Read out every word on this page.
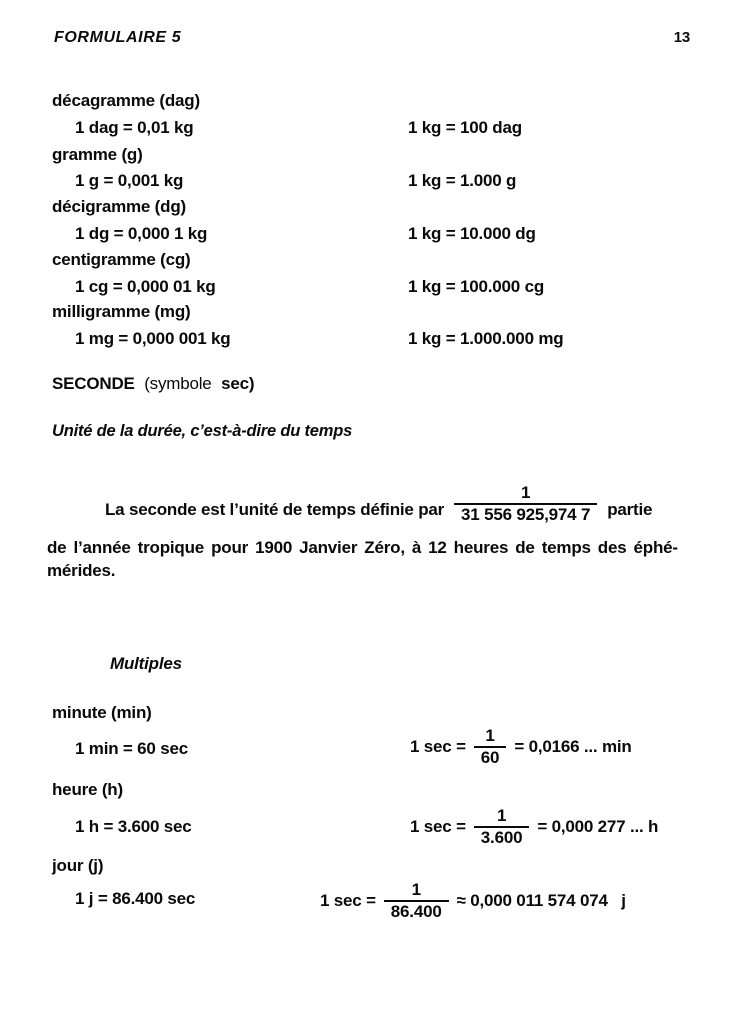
FORMULAIRE 5	13
décagramme (dag)
1 dag = 0,01 kg	1 kg = 100 dag
gramme (g)
1 g = 0,001 kg	1 kg = 1.000 g
décigramme (dg)
1 dg = 0,000 1 kg	1 kg = 10.000 dg
centigramme (cg)
1 cg = 0,000 01 kg	1 kg = 100.000 cg
milligramme (mg)
1 mg = 0,000 001 kg	1 kg = 1.000.000 mg
SECONDE (symbole sec)
Unité de la durée, c’est-à-dire du temps
La seconde est l’unité de temps définie par $\frac{1}{31 556 925,974 7}$ partie
de l’année tropique pour 1900 Janvier Zéro, à 12 heures de temps des éphé-
mérides.
Multiples
minute (min)
1 min = 60 sec	1 $\sec = \frac{1}{60} = 0,0166$ ... min
heure (h)
1 h = 3.600 sec	1 $\sec = \frac{1}{3.600} = 0,000$ 277 ... h
jour (j)
1 j = 86.400 sec	1 $\sec = \frac{1}{86.400} \approx 0,000$ 011 574 074   j
